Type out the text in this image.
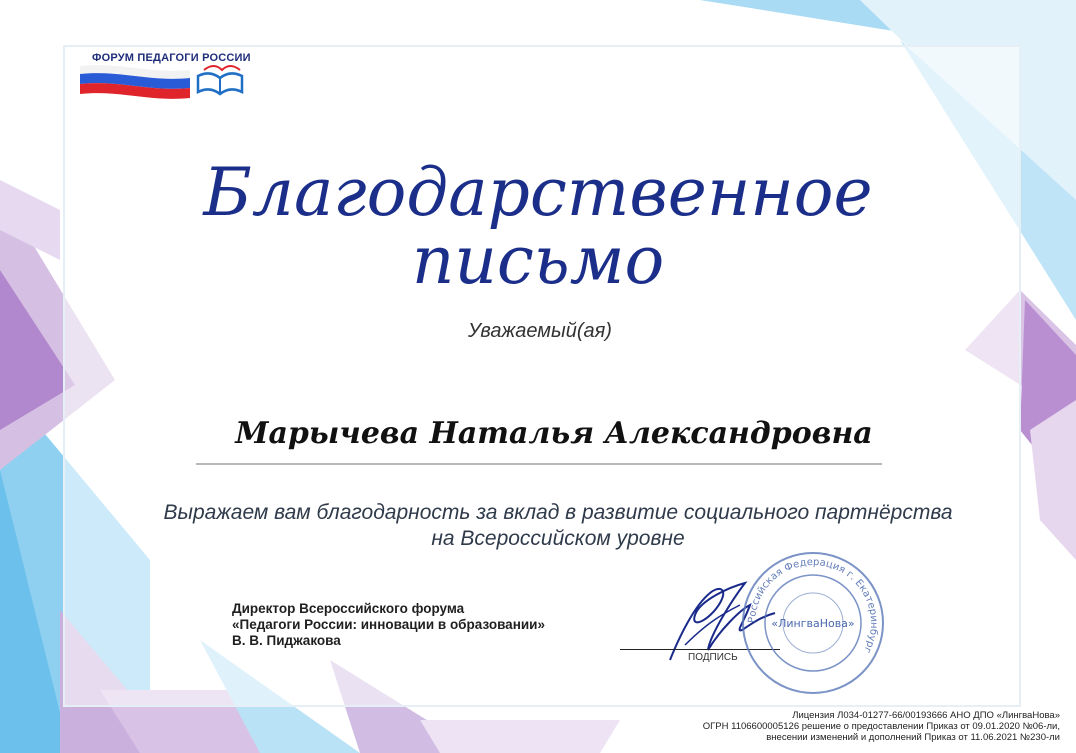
ФОРУМ ПЕДАГОГИ РОССИИ
Благодарственное
письмо
Уважаемый(ая)
Марычева Наталья Александровна
Выражаем вам благодарность за вклад в развитие социального партнёрства
на Всероссийском уровне
Директор Всероссийского форума
«Педагоги России: инновации в образовании»
В. В. Пиджакова
ПОДПИСЬ
Российская Федерация г. Екатеринбург
«ЛингваНова»
Лицензия Л034-01277-66/00193666 АНО ДПО «ЛингваНова»
ОГРН 1106600005126 решение о предоставлении Приказ от 09.01.2020 №06-ли,
внесении изменений и дополнений Приказ от 11.06.2021 №230-ли
